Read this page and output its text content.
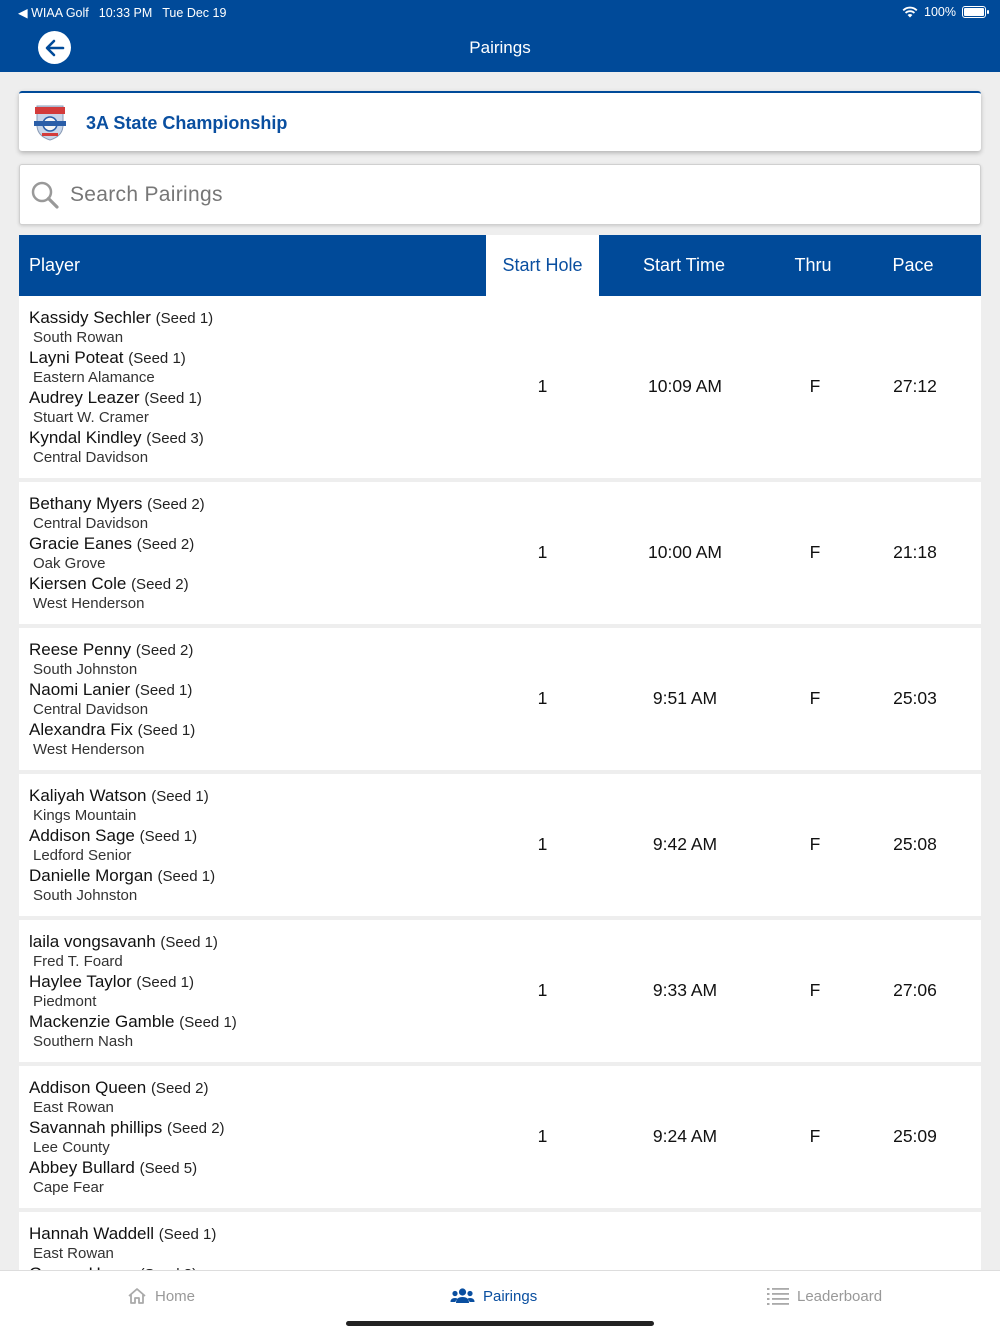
◀ WIAA Golf 10:33 PM Tue Dec 19	100%
Pairings
3A State Championship
Search Pairings
Player	Start Hole	Start Time	Thru	Pace
Kassidy Sechler (Seed 1)
South Rowan
Layni Poteat (Seed 1)
Eastern Alamance
Audrey Leazer (Seed 1)
Stuart W. Cramer
Kyndal Kindley (Seed 3)
Central Davidson
1	10:09 AM	F	27:12
Bethany Myers (Seed 2)
Central Davidson
Gracie Eanes (Seed 2)
Oak Grove
Kiersen Cole (Seed 2)
West Henderson
1	10:00 AM	F	21:18
Reese Penny (Seed 2)
South Johnston
Naomi Lanier (Seed 1)
Central Davidson
Alexandra Fix (Seed 1)
West Henderson
1	9:51 AM	F	25:03
Kaliyah Watson (Seed 1)
Kings Mountain
Addison Sage (Seed 1)
Ledford Senior
Danielle Morgan (Seed 1)
South Johnston
1	9:42 AM	F	25:08
laila vongsavanh (Seed 1)
Fred T. Foard
Haylee Taylor (Seed 1)
Piedmont
Mackenzie Gamble (Seed 1)
Southern Nash
1	9:33 AM	F	27:06
Addison Queen (Seed 2)
East Rowan
Savannah phillips (Seed 2)
Lee County
Abbey Bullard (Seed 5)
Cape Fear
1	9:24 AM	F	25:09
Hannah Waddell (Seed 1)
East Rowan
Home	Pairings	Leaderboard
